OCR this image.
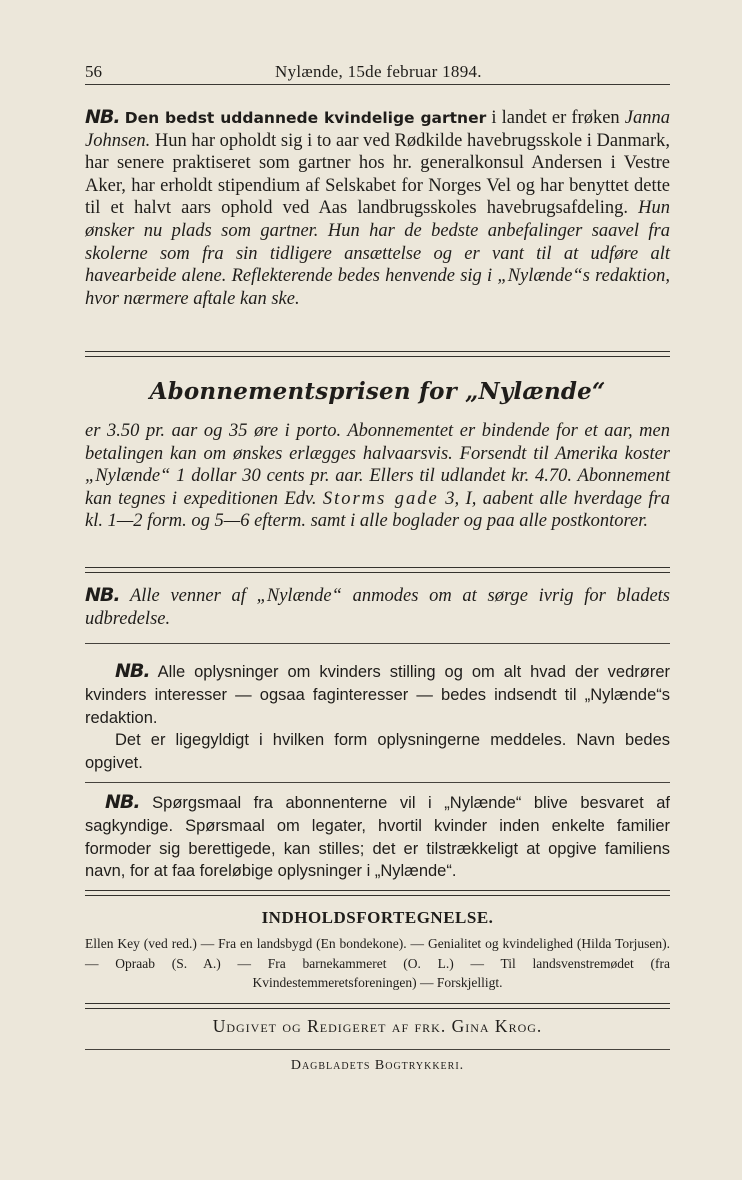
56	Nylænde, 15de februar 1894.

NB. Den bedst uddannede kvindelige gartner i landet er frøken Janna Johnsen. Hun har opholdt sig i to aar ved Rødkilde havebrugsskole i Danmark, har senere praktiseret som gartner hos hr. generalkonsul Andersen i Vestre Aker, har erholdt stipendium af Selskabet for Norges Vel og har benyttet dette til et halvt aars ophold ved Aas landbrugsskoles havebrugsafdeling. Hun ønsker nu plads som gartner. Hun har de bedste anbefalinger saavel fra skolerne som fra sin tidligere ansættelse og er vant til at udføre alt havearbeide alene. Reflekterende bedes henvende sig i „Nylænde“s redaktion, hvor nærmere aftale kan ske.

Abonnementsprisen for „Nylænde“

er 3.50 pr. aar og 35 øre i porto. Abonnementet er bindende for et aar, men betalingen kan om ønskes erlægges halvaarsvis. Forsendt til Amerika koster „Nylænde“ 1 dollar 30 cents pr. aar. Ellers til udlandet kr. 4.70. Abonnement kan tegnes i expeditionen Edv. Storms gade 3, I, aabent alle hverdage fra kl. 1—2 form. og 5—6 efterm. samt i alle boglader og paa alle postkontorer.

NB. Alle venner af „Nylænde“ anmodes om at sørge ivrig for bladets udbredelse.

NB. Alle oplysninger om kvinders stilling og om alt hvad der vedrører kvinders interesser — ogsaa faginteresser — bedes indsendt til „Nylænde“s redaktion.

Det er ligegyldigt i hvilken form oplysningerne meddeles. Navn bedes opgivet.

NB. Spørgsmaal fra abonnenterne vil i „Nylænde“ blive besvaret af sagkyndige. Spørsmaal om legater, hvortil kvinder inden enkelte familier formoder sig berettigede, kan stilles; det er tilstrækkeligt at opgive familiens navn, for at faa foreløbige oplysninger i „Nylænde“.

INDHOLDSFORTEGNELSE.

Ellen Key (ved red.) — Fra en landsbygd (En bondekone). — Genialitet og kvindelighed (Hilda Torjusen). — Opraab (S. A.) — Fra barnekammeret (O. L.) — Til landsvenstremødet (fra Kvindestemmeretsforeningen) — Forskjelligt.

Udgivet og Redigeret af frk. Gina Krog.
Dagbladets Bogtrykkeri.
